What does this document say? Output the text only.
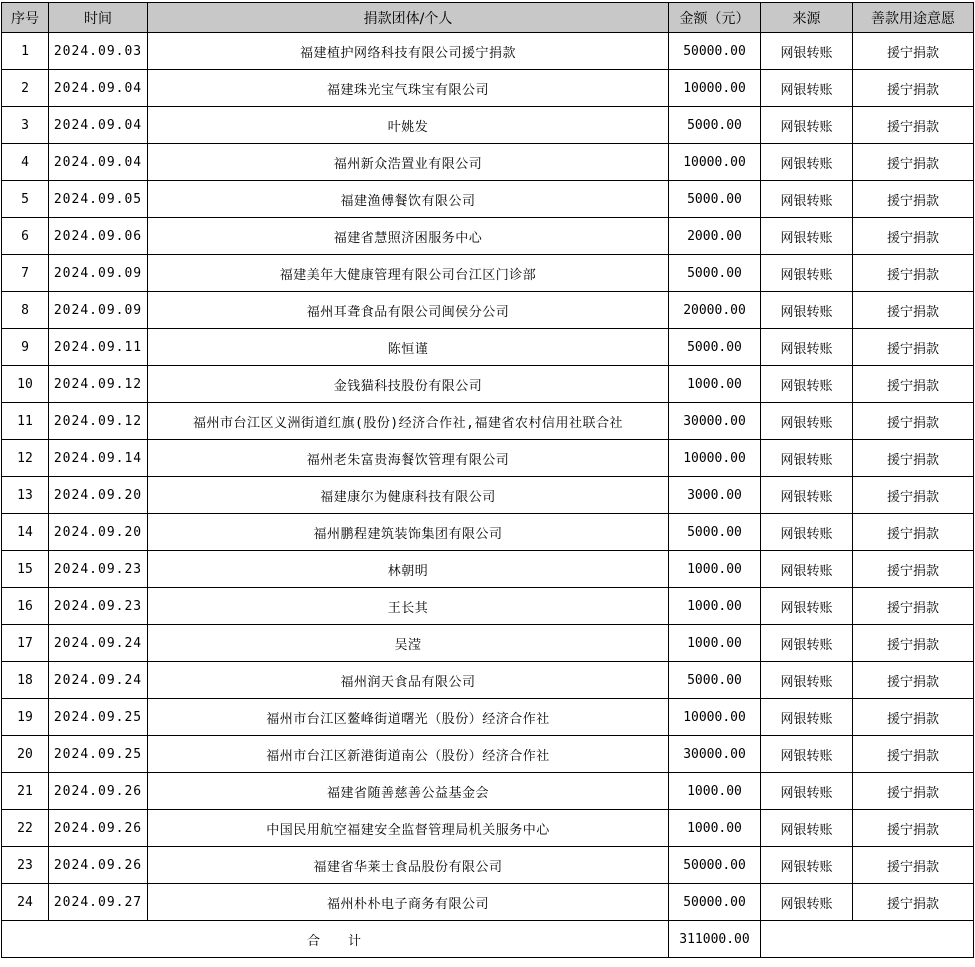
序号	时间	捐款团体/个人	金额（元）	来源	善款用途意愿
1	2024.09.03	福建植护网络科技有限公司援宁捐款	50000.00	网银转账	援宁捐款
2	2024.09.04	福建珠光宝气珠宝有限公司	10000.00	网银转账	援宁捐款
3	2024.09.04	叶姚发	5000.00	网银转账	援宁捐款
4	2024.09.04	福州新众浩置业有限公司	10000.00	网银转账	援宁捐款
5	2024.09.05	福建渔傅餐饮有限公司	5000.00	网银转账	援宁捐款
6	2024.09.06	福建省慧照济困服务中心	2000.00	网银转账	援宁捐款
7	2024.09.09	福建美年大健康管理有限公司台江区门诊部	5000.00	网银转账	援宁捐款
8	2024.09.09	福州耳聋食品有限公司闽侯分公司	20000.00	网银转账	援宁捐款
9	2024.09.11	陈恒谨	5000.00	网银转账	援宁捐款
10	2024.09.12	金钱猫科技股份有限公司	1000.00	网银转账	援宁捐款
11	2024.09.12	福州市台江区义洲街道红旗(股份)经济合作社,福建省农村信用社联合社	30000.00	网银转账	援宁捐款
12	2024.09.14	福州老朱富贵海餐饮管理有限公司	10000.00	网银转账	援宁捐款
13	2024.09.20	福建康尔为健康科技有限公司	3000.00	网银转账	援宁捐款
14	2024.09.20	福州鹏程建筑装饰集团有限公司	5000.00	网银转账	援宁捐款
15	2024.09.23	林朝明	1000.00	网银转账	援宁捐款
16	2024.09.23	王长其	1000.00	网银转账	援宁捐款
17	2024.09.24	吴滢	1000.00	网银转账	援宁捐款
18	2024.09.24	福州润天食品有限公司	5000.00	网银转账	援宁捐款
19	2024.09.25	福州市台江区鳌峰街道曙光（股份）经济合作社	10000.00	网银转账	援宁捐款
20	2024.09.25	福州市台江区新港街道南公（股份）经济合作社	30000.00	网银转账	援宁捐款
21	2024.09.26	福建省随善慈善公益基金会	1000.00	网银转账	援宁捐款
22	2024.09.26	中国民用航空福建安全监督管理局机关服务中心	1000.00	网银转账	援宁捐款
23	2024.09.26	福建省华莱士食品股份有限公司	50000.00	网银转账	援宁捐款
24	2024.09.27	福州朴朴电子商务有限公司	50000.00	网银转账	援宁捐款
合 计			311000.00		
